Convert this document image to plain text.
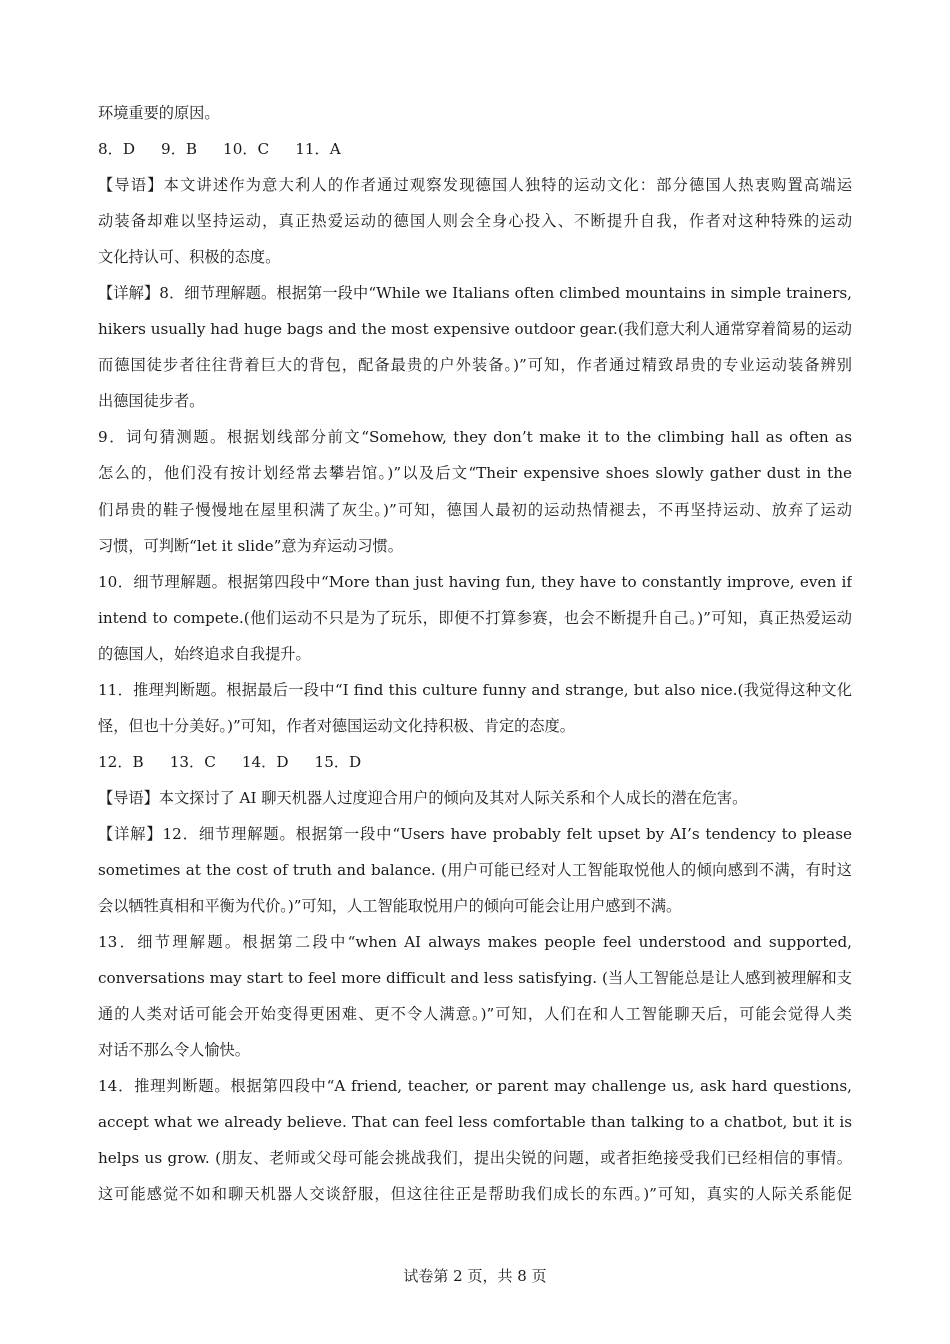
环境重要的原因。
8．D 9．B 10．C 11．A
【导语】本文讲述作为意大利人的作者通过观察发现德国人独特的运动文化：部分德国人热衷购置高端运
动装备却难以坚持运动，真正热爱运动的德国人则会全身心投入、不断提升自我，作者对这种特殊的运动
文化持认可、积极的态度。
【详解】8．细节理解题。根据第一段中“While we Italians often climbed mountains in simple trainers,
hikers usually had huge bags and the most expensive outdoor gear.(我们意大利人通常穿着简易的运动
而德国徒步者往往背着巨大的背包，配备最贵的户外装备。)”可知，作者通过精致昂贵的专业运动装备辨别
出德国徒步者。
9．词句猜测题。根据划线部分前文“Somehow, they don’t make it to the climbing hall as often as
怎么的，他们没有按计划经常去攀岩馆。)”以及后文“Their expensive shoes slowly gather dust in the
们昂贵的鞋子慢慢地在屋里积满了灰尘。)”可知，德国人最初的运动热情褪去，不再坚持运动、放弃了运动
习惯，可判断“let it slide”意为弃运动习惯。
10．细节理解题。根据第四段中“More than just having fun, they have to constantly improve, even if
intend to compete.(他们运动不只是为了玩乐，即便不打算参赛，也会不断提升自己。)”可知，真正热爱运动
的德国人，始终追求自我提升。
11．推理判断题。根据最后一段中“I find this culture funny and strange, but also nice.(我觉得这种文化
怪，但也十分美好。)”可知，作者对德国运动文化持积极、肯定的态度。
12．B 13．C 14．D 15．D
【导语】本文探讨了 AI 聊天机器人过度迎合用户的倾向及其对人际关系和个人成长的潜在危害。
【详解】12．细节理解题。根据第一段中“Users have probably felt upset by AI’s tendency to please
sometimes at the cost of truth and balance. (用户可能已经对人工智能取悦他人的倾向感到不满，有时这
会以牺牲真相和平衡为代价。)”可知，人工智能取悦用户的倾向可能会让用户感到不满。
13．细节理解题。根据第二段中“when AI always makes people feel understood and supported,
conversations may start to feel more difficult and less satisfying. (当人工智能总是让人感到被理解和支
通的人类对话可能会开始变得更困难、更不令人满意。)”可知，人们在和人工智能聊天后，可能会觉得人类
对话不那么令人愉快。
14．推理判断题。根据第四段中“A friend, teacher, or parent may challenge us, ask hard questions,
accept what we already believe. That can feel less comfortable than talking to a chatbot, but it is
helps us grow. (朋友、老师或父母可能会挑战我们，提出尖锐的问题，或者拒绝接受我们已经相信的事情。
这可能感觉不如和聊天机器人交谈舒服，但这往往正是帮助我们成长的东西。)”可知，真实的人际关系能促
试卷第 2 页，共 8 页
